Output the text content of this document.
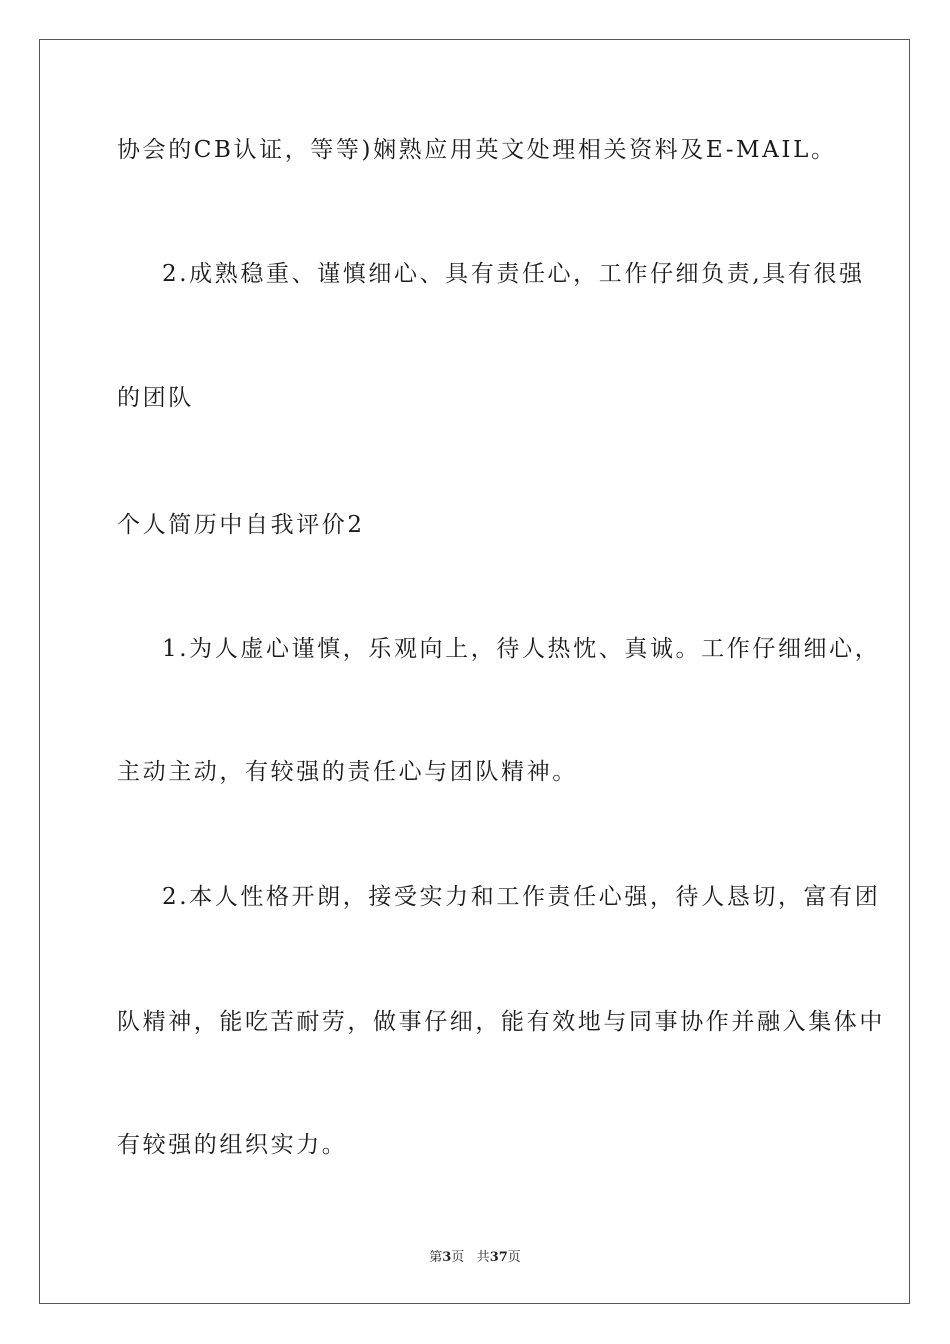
协会的CB认证，等等)娴熟应用英文处理相关资料及E-MAIL。
2.成熟稳重、谨慎细心、具有责任心，工作仔细负责,具有很强
的团队
个人简历中自我评价2
1.为人虚心谨慎，乐观向上，待人热忱、真诚。工作仔细细心，
主动主动，有较强的责任心与团队精神。
2.本人性格开朗，接受实力和工作责任心强，待人恳切，富有团
队精神，能吃苦耐劳，做事仔细，能有效地与同事协作并融入集体中
有较强的组织实力。
第3页 共37页
